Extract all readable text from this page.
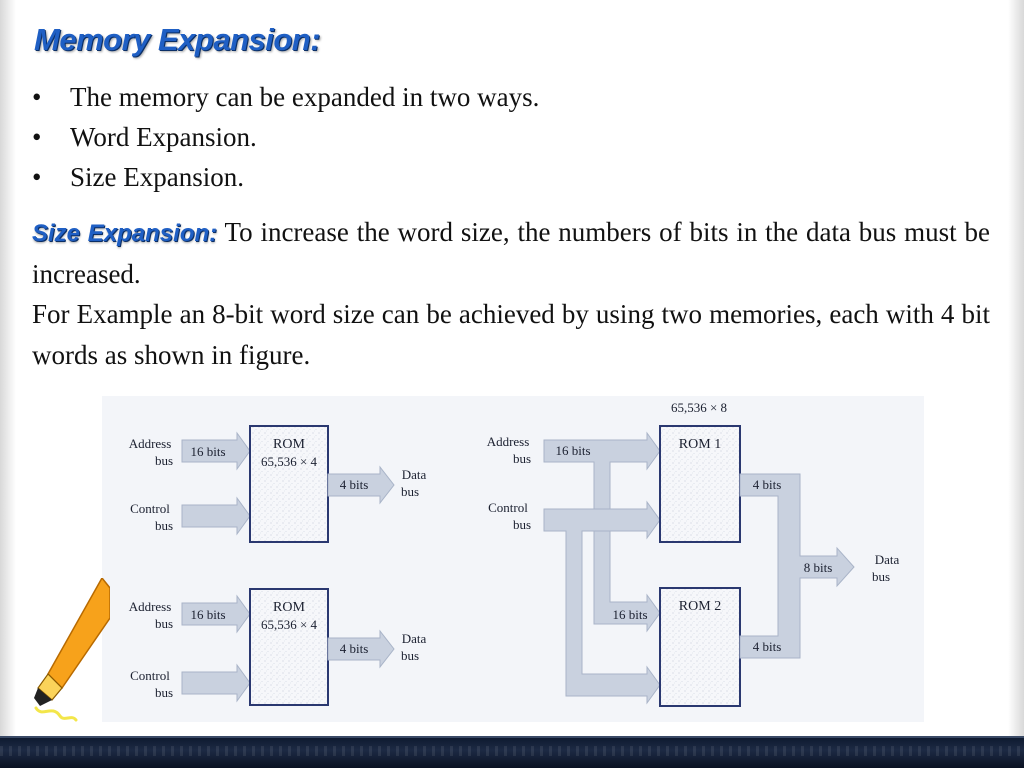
Memory Expansion:
• The memory can be expanded in two ways.
• Word Expansion.
• Size Expansion.

Size Expansion: To increase the word size, the numbers of bits in the data bus must be increased.

For Example an 8-bit word size can be achieved by using two memories, each with 4 bit words as shown in figure.

Address
bus
16 bits
Control
bus
ROM
65,536 × 4
4 bits
Data
bus
Address
bus
16 bits
Control
bus
ROM
65,536 × 4
4 bits
Data
bus
65,536 × 8
Address
bus
Control
bus
16 bits
16 bits
ROM 1
ROM 2
4 bits
4 bits
8 bits
Data
bus
